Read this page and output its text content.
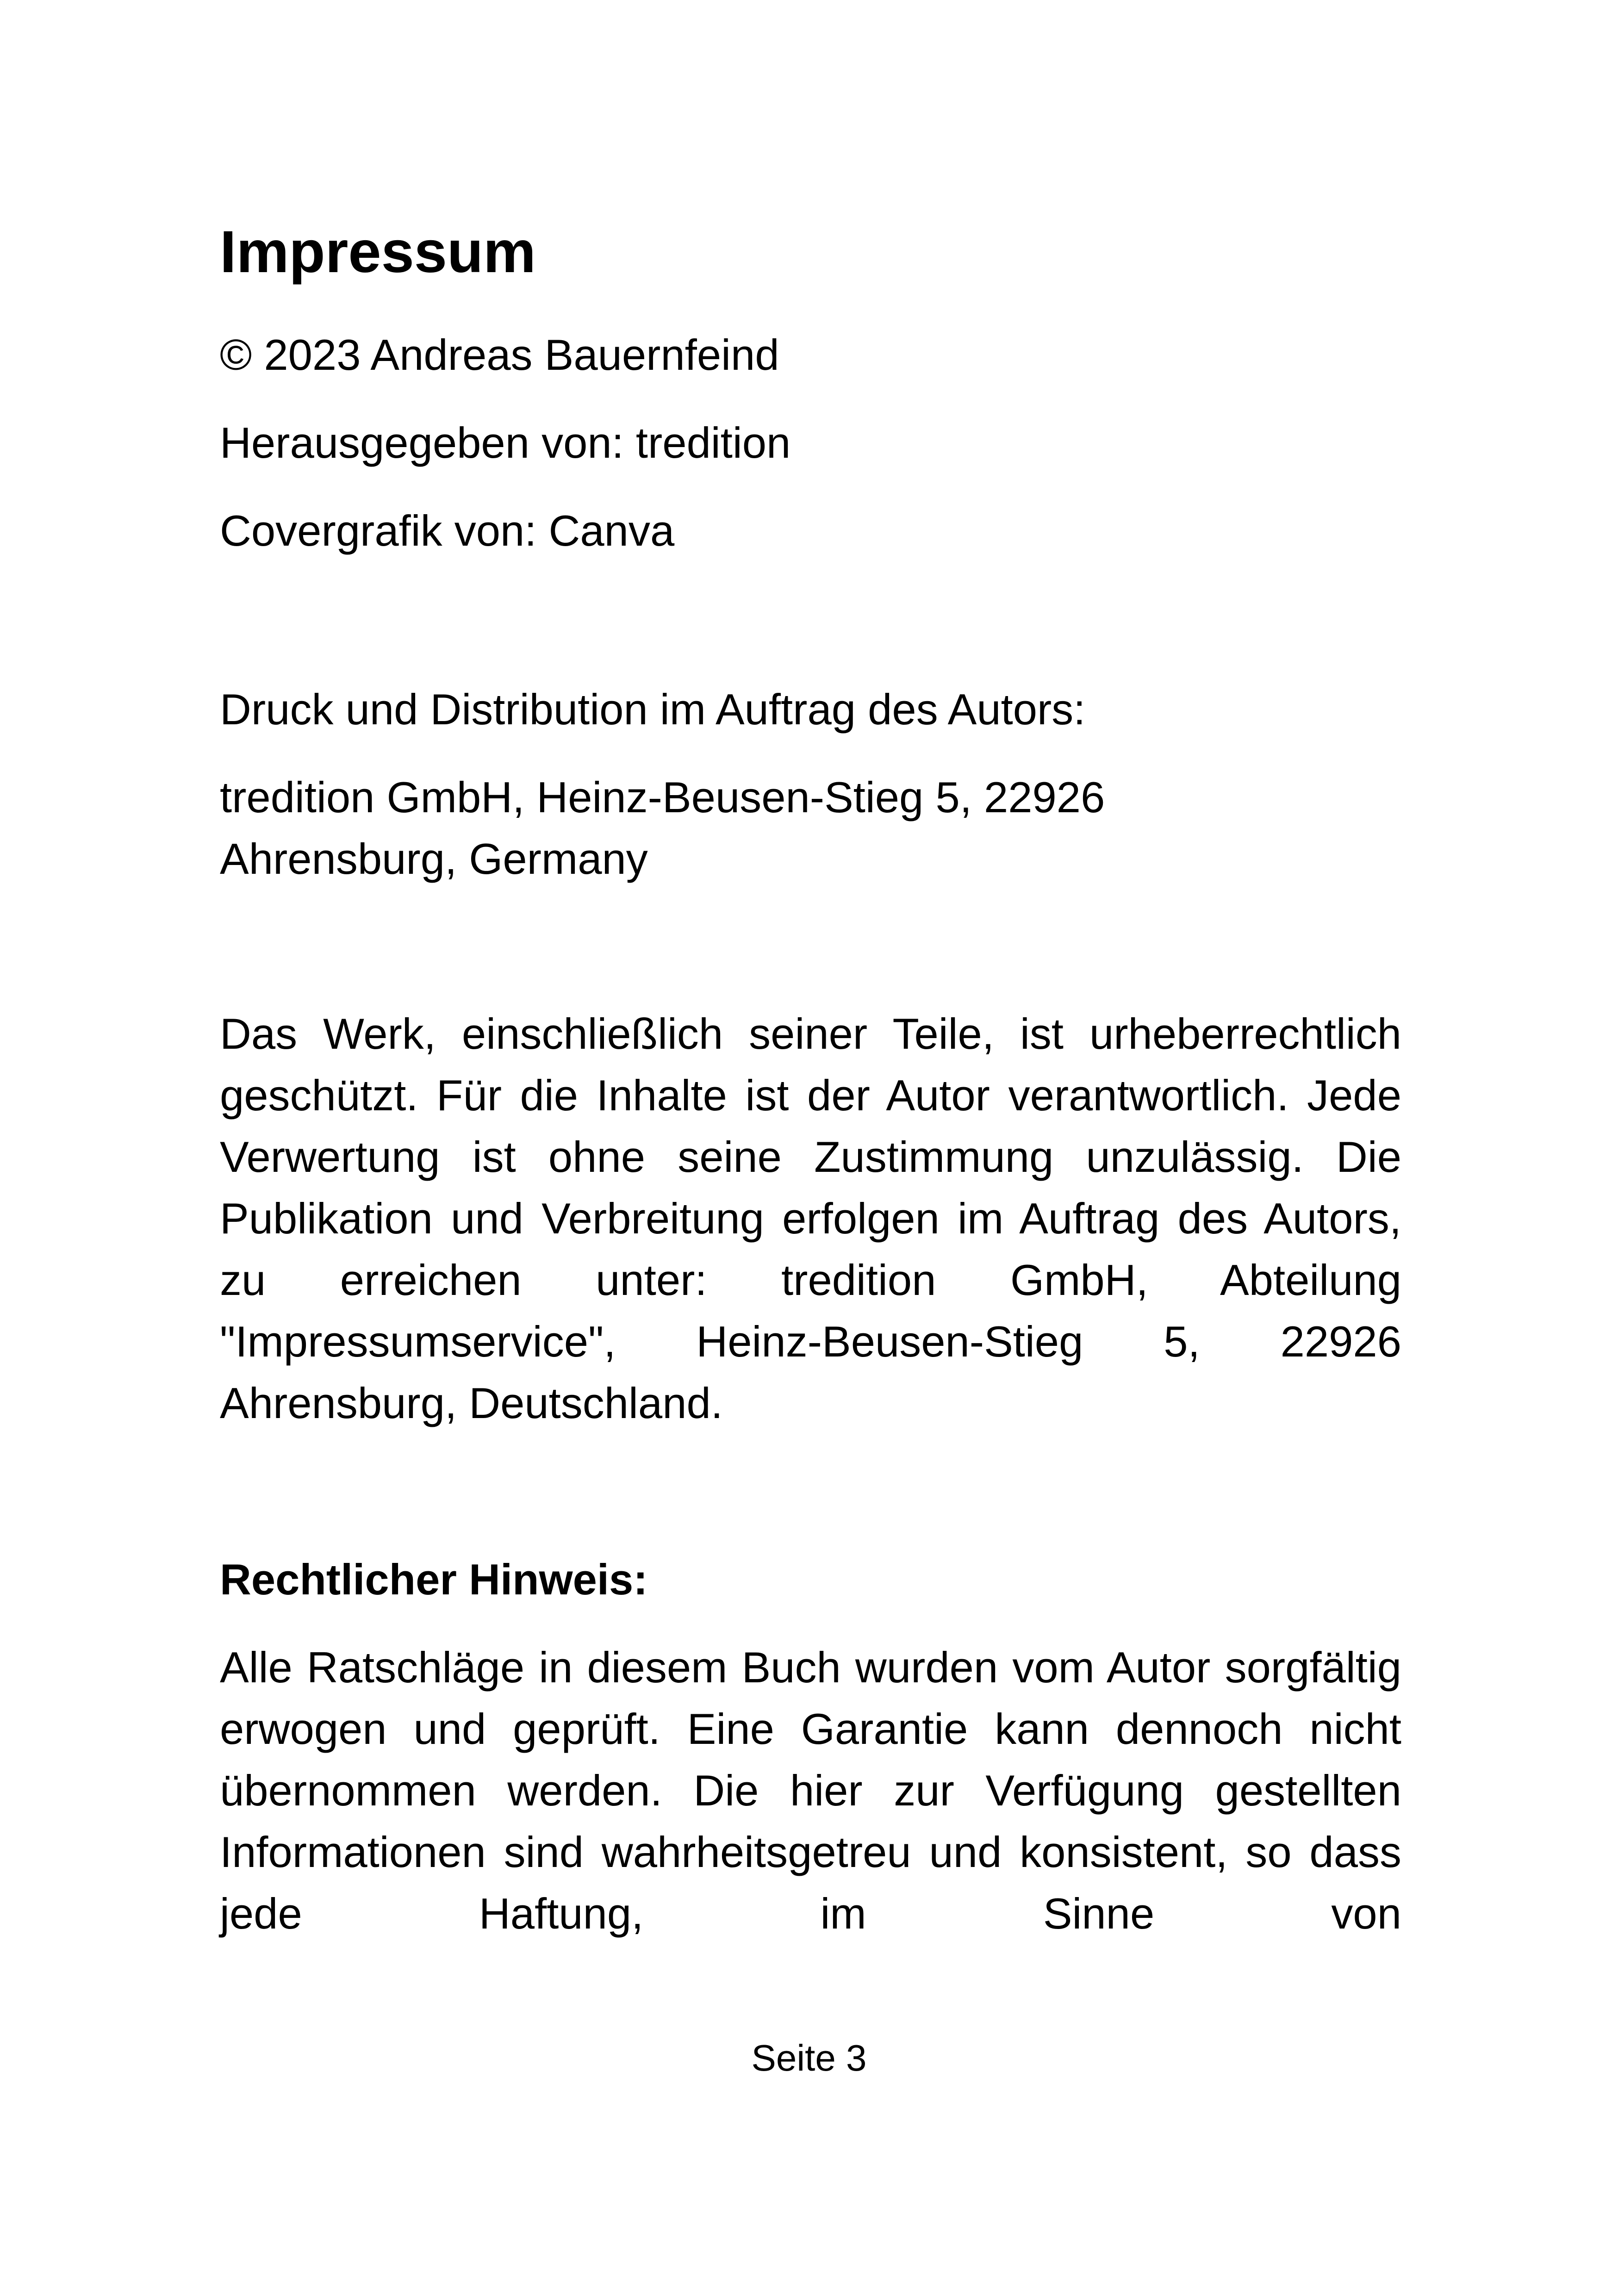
Impressum

© 2023 Andreas Bauernfeind

Herausgegeben von: tredition

Covergrafik von: Canva

Druck und Distribution im Auftrag des Autors:

tredition GmbH, Heinz-Beusen-Stieg 5, 22926 Ahrensburg, Germany

Das Werk, einschließlich seiner Teile, ist urheberrechtlich geschützt. Für die Inhalte ist der Autor verantwortlich. Jede Verwertung ist ohne seine Zustimmung unzulässig. Die Publikation und Verbreitung erfolgen im Auftrag des Autors, zu erreichen unter: tredition GmbH, Abteilung "Impressumservice", Heinz-Beusen-Stieg 5, 22926 Ahrensburg, Deutschland.

Rechtlicher Hinweis:

Alle Ratschläge in diesem Buch wurden vom Autor sorgfältig erwogen und geprüft. Eine Garantie kann dennoch nicht übernommen werden. Die hier zur Verfügung gestellten Informationen sind wahrheitsgetreu und konsistent, so dass jede Haftung, im Sinne von

Seite 3
